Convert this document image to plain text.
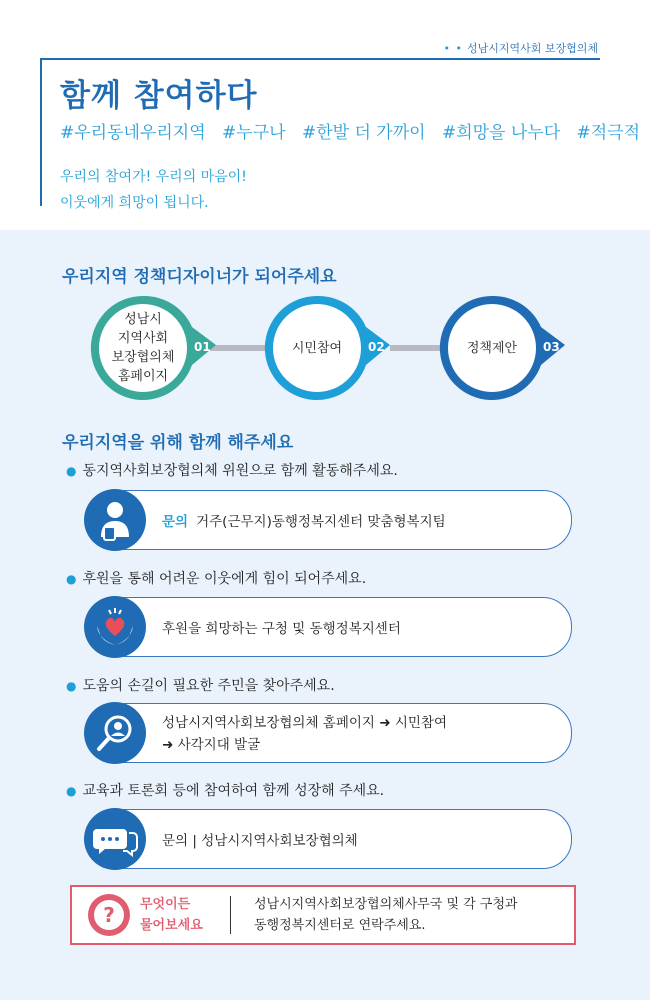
• • 성남시지역사회 보장협의체
함께 참여하다
#우리동네우리지역 #누구나 #한발 더 가까이 #희망을 나누다 #적극적
우리의 참여가! 우리의 마음이!
이웃에게 희망이 됩니다.
우리지역 정책디자이너가 되어주세요
성남시
지역사회
보장협의체
홈페이지
01	시민참여 02	정책제안 03
우리지역을 위해 함께 해주세요
● 동지역사회보장협의체 위원으로 함께 활동해주세요.
문의 거주(근무지)동행정복지센터 맞춤형복지팀
● 후원을 통해 어려운 이웃에게 힘이 되어주세요.
후원을 희망하는 구청 및 동행정복지센터
● 도움의 손길이 필요한 주민을 찾아주세요.
성남시지역사회보장협의체 홈페이지 ➜ 시민참여
➜ 사각지대 발굴
● 교육과 토론회 등에 참여하여 함께 성장해 주세요.
문의 | 성남시지역사회보장협의체
? 무엇이든
물어보세요
성남시지역사회보장협의체사무국 및 각 구청과
동행정복지센터로 연락주세요.
